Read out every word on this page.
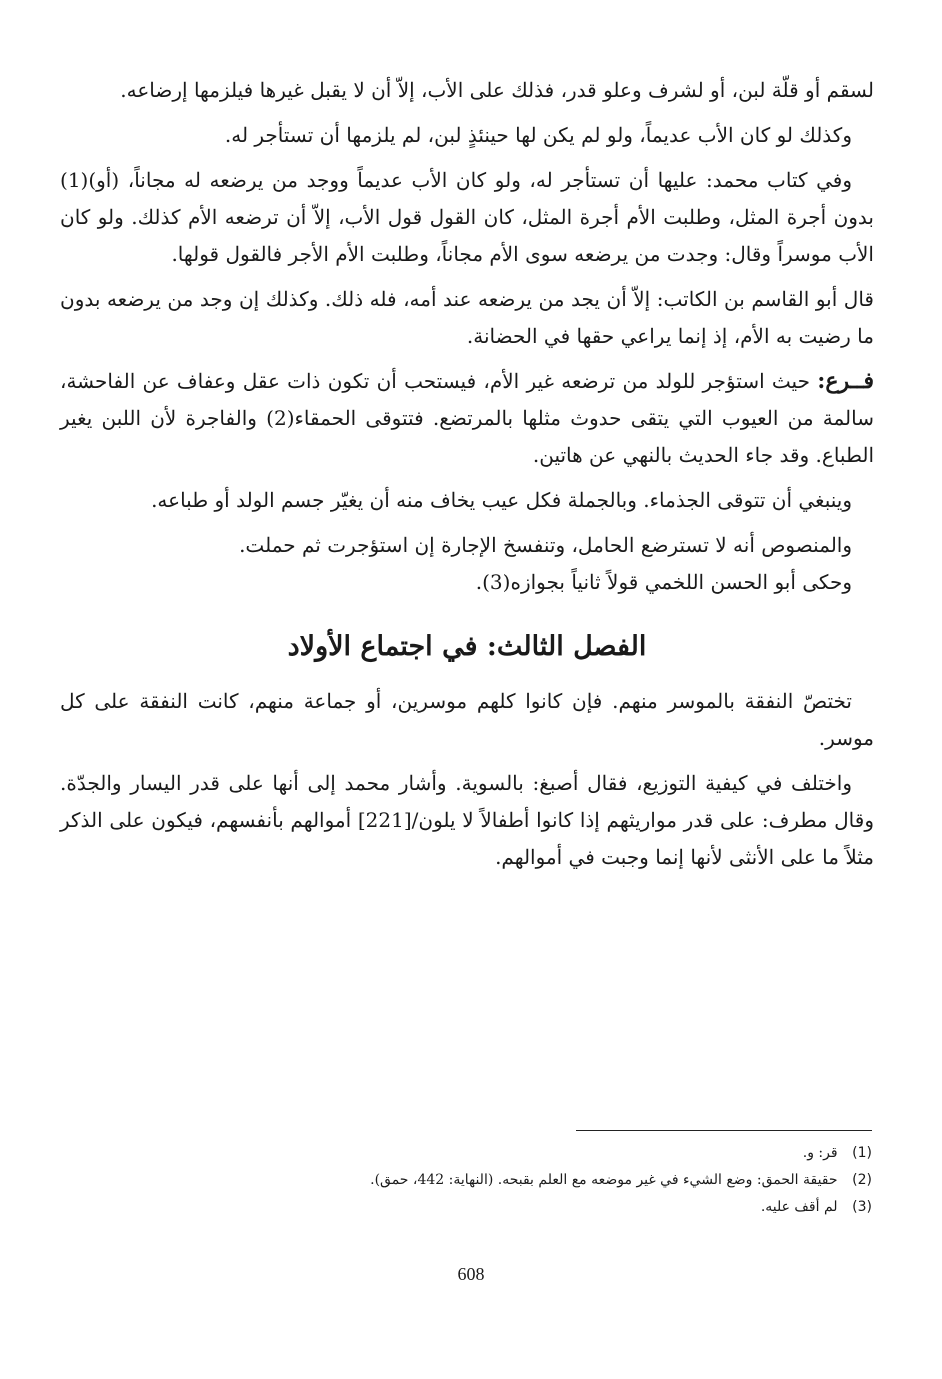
لسقم أو قلّة لبن، أو لشرف وعلو قدر، فذلك على الأب، إلاّ أن لا يقبل غيرها فيلزمها إرضاعه.

وكذلك لو كان الأب عديماً، ولو لم يكن لها حينئذٍ لبن، لم يلزمها أن تستأجر له.

وفي كتاب محمد: عليها أن تستأجر له، ولو كان الأب عديماً ووجد من يرضعه له مجاناً، (أو)(1) بدون أجرة المثل، وطلبت الأم أجرة المثل، كان القول قول الأب، إلاّ أن ترضعه الأم كذلك. ولو كان الأب موسراً وقال: وجدت من يرضعه سوى الأم مجاناً، وطلبت الأم الأجر فالقول قولها.

قال أبو القاسم بن الكاتب: إلاّ أن يجد من يرضعه عند أمه، فله ذلك. وكذلك إن وجد من يرضعه بدون ما رضيت به الأم، إذ إنما يراعي حقها في الحضانة.

فــرع: حيث استؤجر للولد من ترضعه غير الأم، فيستحب أن تكون ذات عقل وعفاف عن الفاحشة، سالمة من العيوب التي يتقى حدوث مثلها بالمرتضع. فتتوقى الحمقاء(2) والفاجرة لأن اللبن يغير الطباع. وقد جاء الحديث بالنهي عن هاتين.

وينبغي أن تتوقى الجذماء. وبالجملة فكل عيب يخاف منه أن يغيّر جسم الولد أو طباعه.

والمنصوص أنه لا تسترضع الحامل، وتنفسخ الإجارة إن استؤجرت ثم حملت.

وحكى أبو الحسن اللخمي قولاً ثانياً بجوازه(3).

الفصل الثالث: في اجتماع الأولاد

تختصّ النفقة بالموسر منهم. فإن كانوا كلهم موسرين، أو جماعة منهم، كانت النفقة على كل موسر.

واختلف في كيفية التوزيع، فقال أصبغ: بالسوية. وأشار محمد إلى أنها على قدر اليسار والجدّة. وقال مطرف: على قدر مواريثهم إذا كانوا أطفالاً لا يلون/[221] أموالهم بأنفسهم، فيكون على الذكر مثلاً ما على الأنثى لأنها إنما وجبت في أموالهم.

(1) قر: و.
(2) حقيقة الحمق: وضع الشيء في غير موضعه مع العلم بقبحه. (النهاية: 442، حمق).
(3) لم أقف عليه.
608
